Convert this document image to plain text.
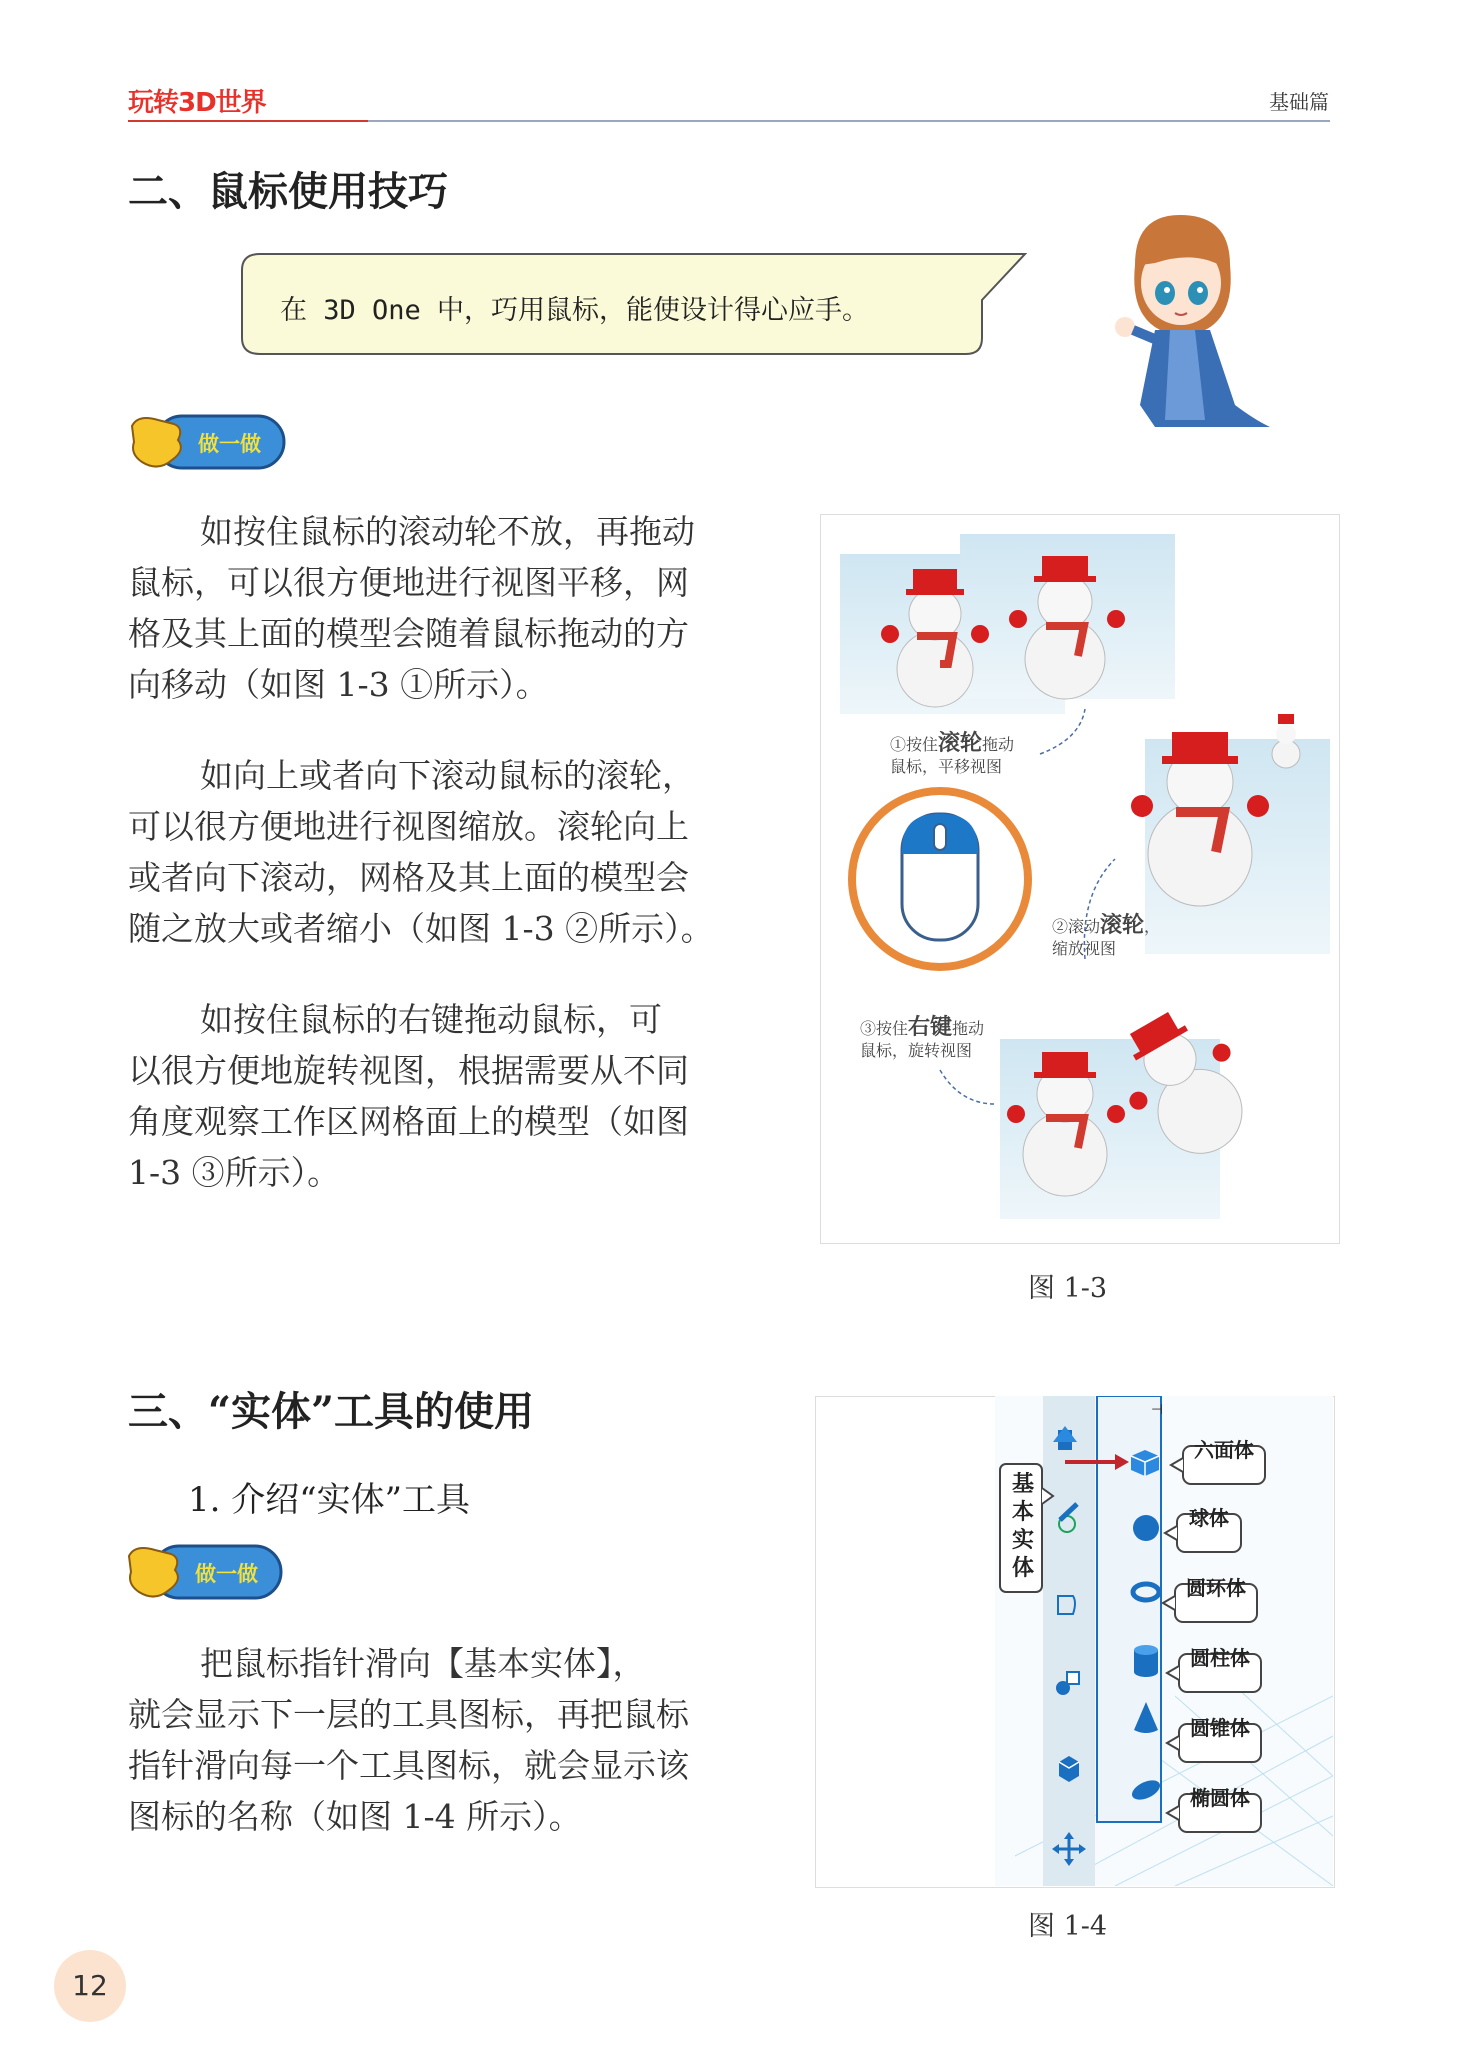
玩转3D世界	基础篇
二、鼠标使用技巧
在 3D One 中，巧用鼠标，能使设计得心应手。
做一做
如按住鼠标的滚动轮不放，再拖动
鼠标，可以很方便地进行视图平移，网
格及其上面的模型会随着鼠标拖动的方
向移动（如图 1-3 ①所示）。
如向上或者向下滚动鼠标的滚轮，
可以很方便地进行视图缩放。滚轮向上
或者向下滚动，网格及其上面的模型会
随之放大或者缩小（如图 1-3 ②所示）。
如按住鼠标的右键拖动鼠标，可
以很方便地旋转视图，根据需要从不同
角度观察工作区网格面上的模型（如图
1-3 ③所示）。
①按住滚轮拖动
鼠标，平移视图
②滚动滚轮，
缩放视图
③按住右键拖动
鼠标，旋转视图
图 1-3
三、“实体”工具的使用
1. 介绍“实体”工具
做一做
把鼠标指针滑向【基本实体】，
就会显示下一层的工具图标，再把鼠标
指针滑向每一个工具图标，就会显示该
图标的名称（如图 1-4 所示）。
⊣
基
本
实
体
六面体
球体
圆环体
圆柱体
圆锥体
椭圆体
图 1-4
12
